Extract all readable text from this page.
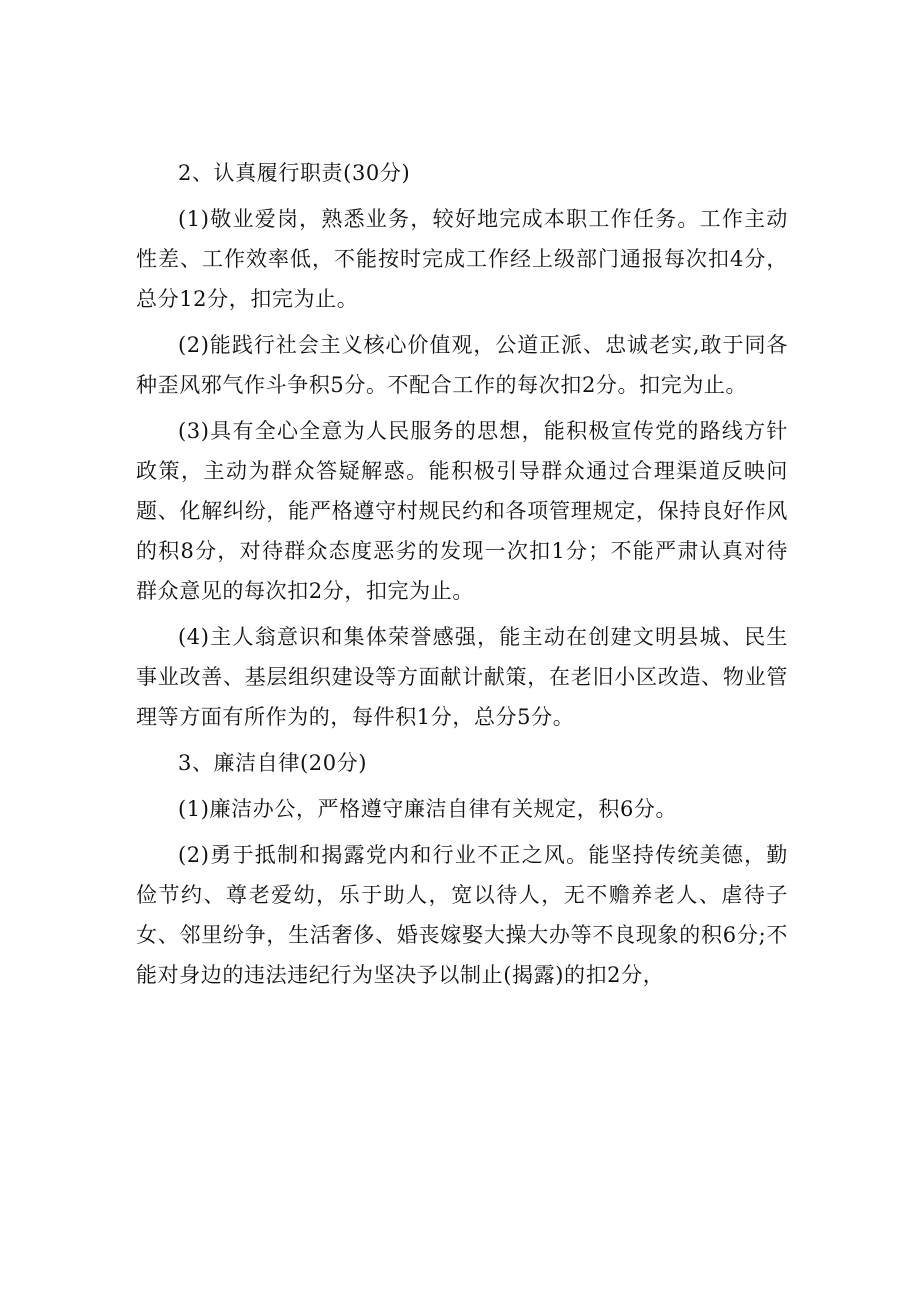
2、认真履行职责(30分)

(1)敬业爱岗，熟悉业务，较好地完成本职工作任务。工作主动性差、工作效率低，不能按时完成工作经上级部门通报每次扣4分，总分12分，扣完为止。

(2)能践行社会主义核心价值观，公道正派、忠诚老实,敢于同各种歪风邪气作斗争积5分。不配合工作的每次扣2分。扣完为止。

(3)具有全心全意为人民服务的思想，能积极宣传党的路线方针政策，主动为群众答疑解惑。能积极引导群众通过合理渠道反映问题、化解纠纷，能严格遵守村规民约和各项管理规定，保持良好作风的积8分，对待群众态度恶劣的发现一次扣1分；不能严肃认真对待群众意见的每次扣2分，扣完为止。

(4)主人翁意识和集体荣誉感强，能主动在创建文明县城、民生事业改善、基层组织建设等方面献计献策，在老旧小区改造、物业管理等方面有所作为的，每件积1分，总分5分。

3、廉洁自律(20分)

(1)廉洁办公，严格遵守廉洁自律有关规定，积6分。

(2)勇于抵制和揭露党内和行业不正之风。能坚持传统美德，勤俭节约、尊老爱幼，乐于助人，宽以待人，无不赡养老人、虐待子女、邻里纷争，生活奢侈、婚丧嫁娶大操大办等不良现象的积6分;不能对身边的违法违纪行为坚决予以制止(揭露)的扣2分，
